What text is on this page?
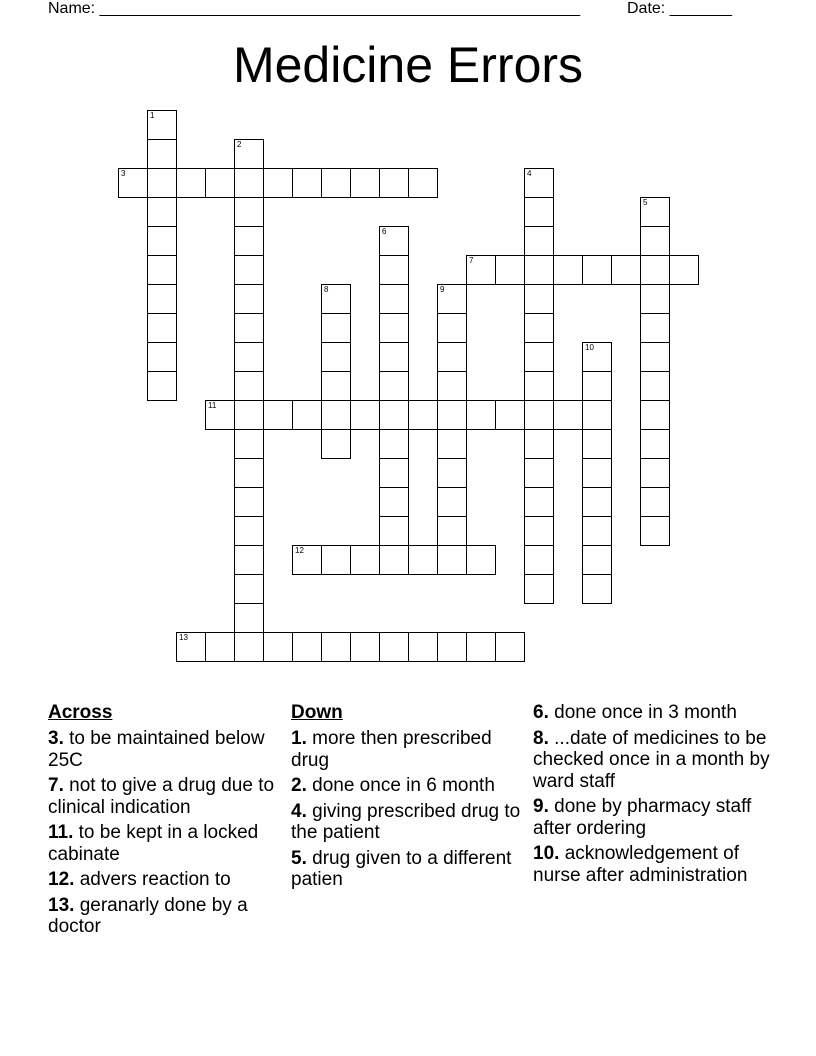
Name: ______________________________________________________	Date: _______
Medicine Errors
3
7
11
12
13
1
2
4
5
6
8	9
10
Across
3. to be maintained below 25C
7. not to give a drug due to clinical indication
11. to be kept in a locked cabinate
12. advers reaction to
13. geranarly done by a doctor
Down
1. more then prescribed drug
2. done once in 6 month
4. giving prescribed drug to the patient
5. drug given to a different patien
6. done once in 3 month
8. ...date of medicines to be checked once in a month by ward staff
9. done by pharmacy staff after ordering
10. acknowledgement of nurse after administration
